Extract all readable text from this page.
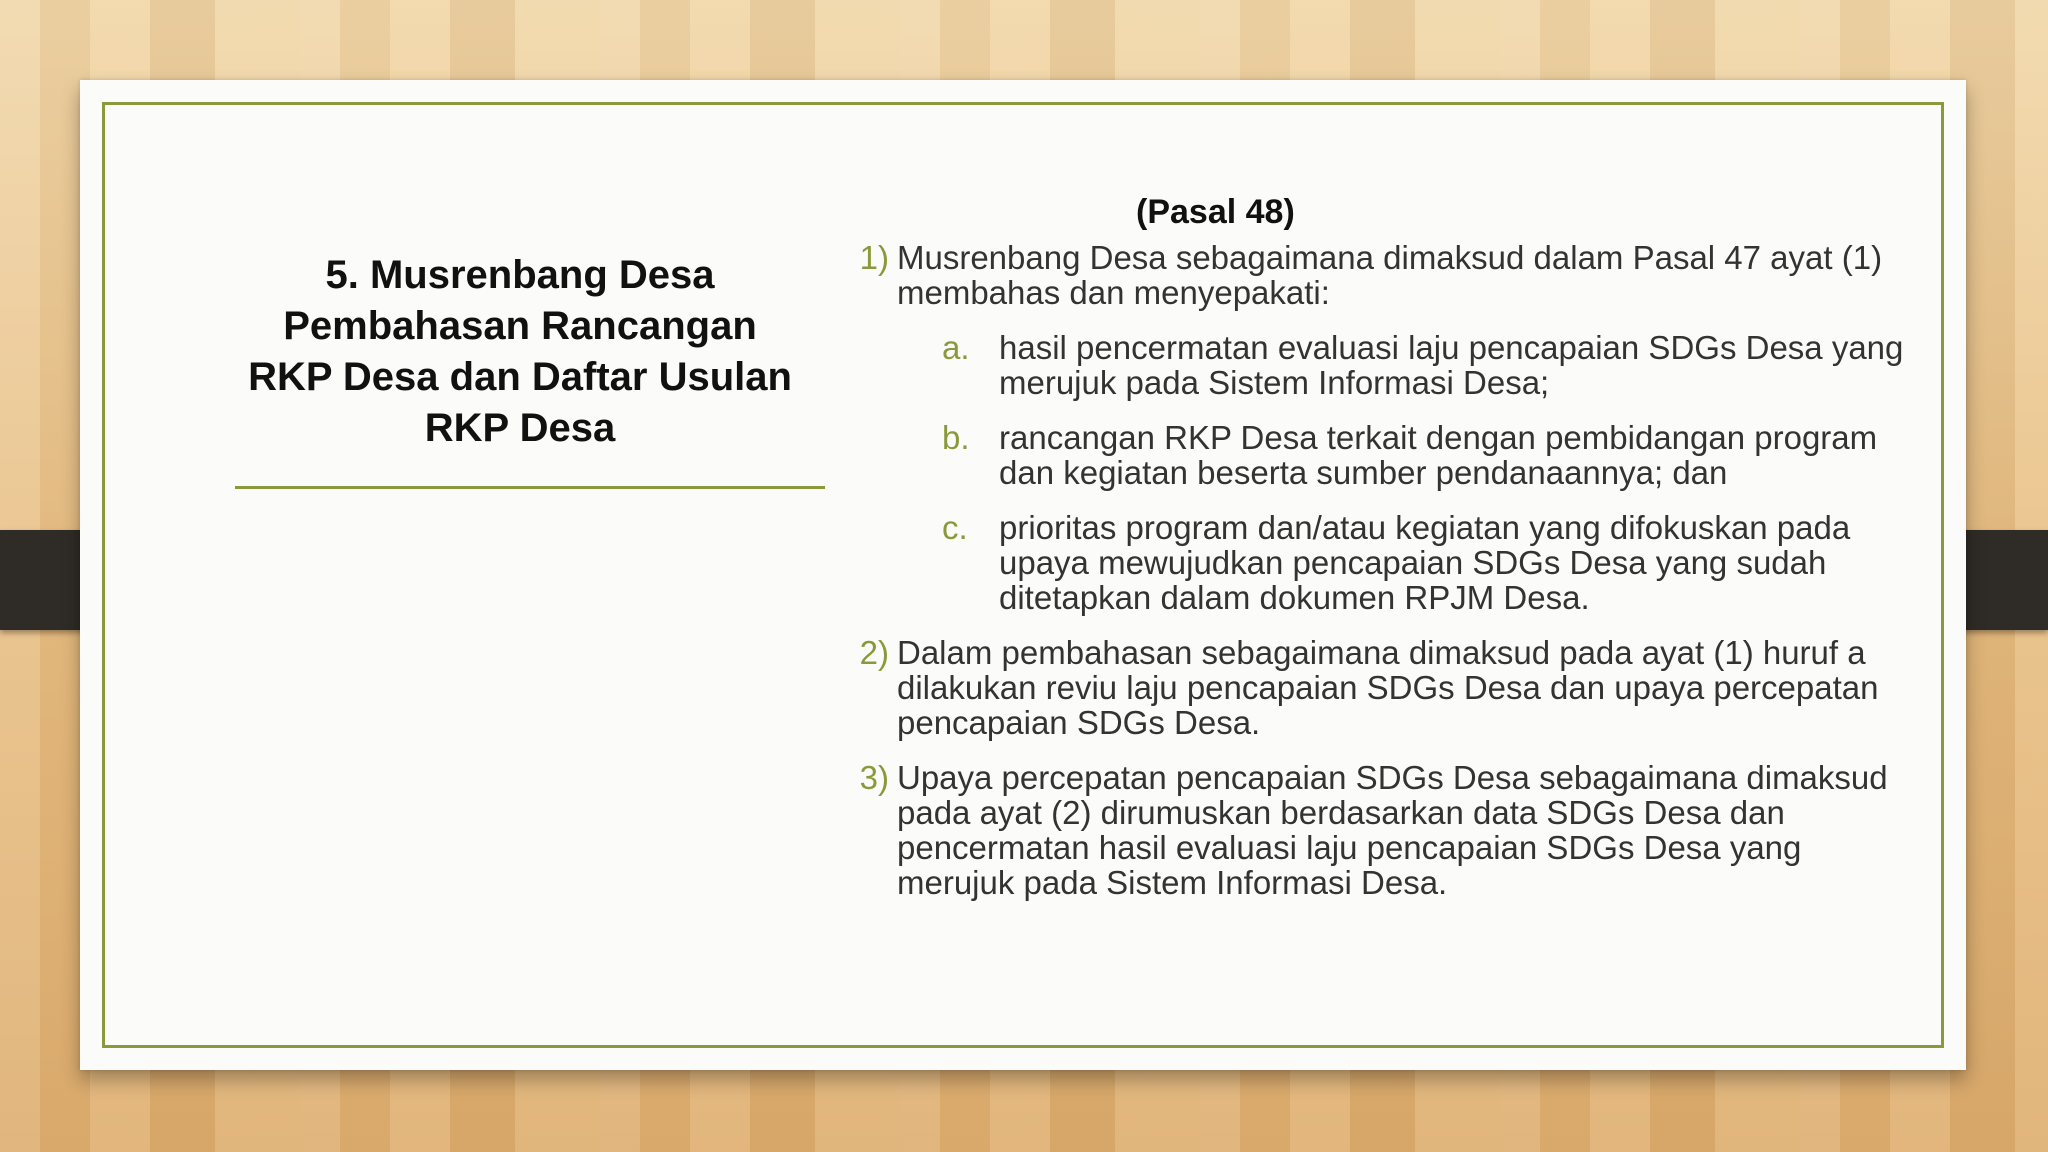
5. Musrenbang Desa
Pembahasan Rancangan
RKP Desa dan Daftar Usulan
RKP Desa
(Pasal 48)
1) Musrenbang Desa sebagaimana dimaksud dalam Pasal 47 ayat (1) membahas dan menyepakati:
a. hasil pencermatan evaluasi laju pencapaian SDGs Desa yang merujuk pada Sistem Informasi Desa;
b. rancangan RKP Desa terkait dengan pembidangan program dan kegiatan beserta sumber pendanaannya; dan
c. prioritas program dan/atau kegiatan yang difokuskan pada upaya mewujudkan pencapaian SDGs Desa yang sudah ditetapkan dalam dokumen RPJM Desa.
2) Dalam pembahasan sebagaimana dimaksud pada ayat (1) huruf a dilakukan reviu laju pencapaian SDGs Desa dan upaya percepatan pencapaian SDGs Desa.
3) Upaya percepatan pencapaian SDGs Desa sebagaimana dimaksud pada ayat (2) dirumuskan berdasarkan data SDGs Desa dan pencermatan hasil evaluasi laju pencapaian SDGs Desa yang merujuk pada Sistem Informasi Desa.
